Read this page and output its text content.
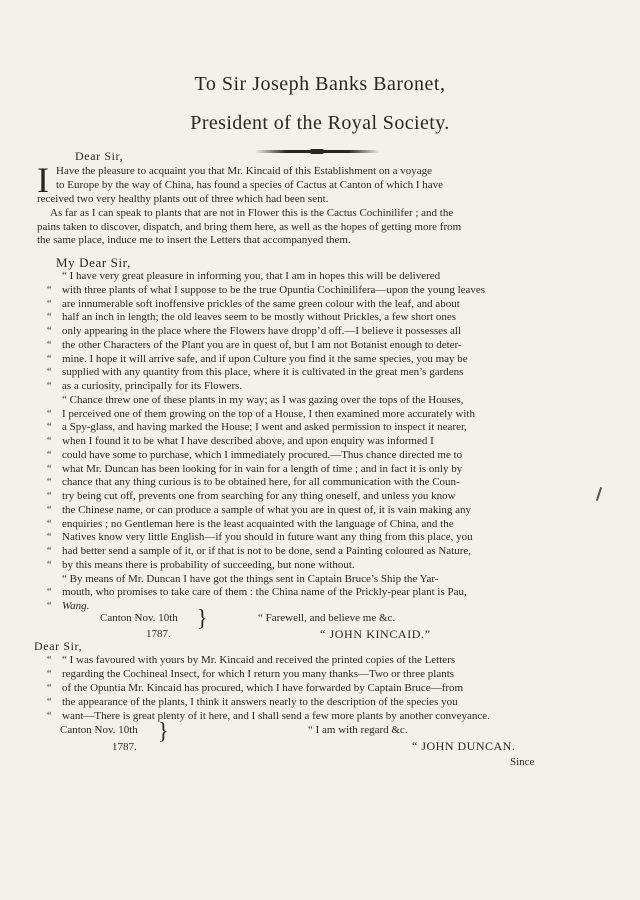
To Sir Joseph Banks Baronet,
President of the Royal Society.
Dear Sir,
I Have the pleasure to acquaint you that Mr. Kincaid of this Establishment on a voyage
to Europe by the way of China, has found a species of Cactus at Canton of which I have
received two very healthy plants out of three which had been sent.
As far as I can speak to plants that are not in Flower this is the Cactus Cochinilifer ; and the
pains taken to discover, dispatch, and bring them here, as well as the hopes of getting more from
the same place, induce me to insert the Letters that accompanyed them.
My Dear Sir,
“ I have very great pleasure in informing you, that I am in hopes this will be delivered
“ with three plants of what I suppose to be the true Opuntia Cochinilifera—upon the young leaves
“ are innumerable soft inoffensive prickles of the same green colour with the leaf, and about
“ half an inch in length; the old leaves seem to be mostly without Prickles, a few short ones
“ only appearing in the place where the Flowers have dropp’d off.—I believe it possesses all
“ the other Characters of the Plant you are in quest of, but I am not Botanist enough to deter-
“ mine. I hope it will arrive safe, and if upon Culture you find it the same species, you may be
“ supplied with any quantity from this place, where it is cultivated in the great men’s gardens
“ as a curiosity, principally for its Flowers.
“ Chance threw one of these plants in my way; as I was gazing over the tops of the Houses,
“ I perceived one of them growing on the top of a House, I then examined more accurately with
“ a Spy-glass, and having marked the House; I went and asked permission to inspect it nearer,
“ when I found it to be what I have described above, and upon enquiry was informed I
“ could have some to purchase, which I immediately procured.—Thus chance directed me to
“ what Mr. Duncan has been looking for in vain for a length of time ; and in fact it is only by
“ chance that any thing curious is to be obtained here, for all communication with the Coun-
“ try being cut off, prevents one from searching for any thing oneself, and unless you know
“ the Chinese name, or can produce a sample of what you are in quest of, it is vain making any
“ enquiries ; no Gentleman here is the least acquainted with the language of China, and the
“ Natives know very little English—if you should in future want any thing from this place, you
“ had better send a sample of it, or if that is not to be done, send a Painting coloured as Nature,
“ by this means there is probability of succeeding, but none without.
“ By means of Mr. Duncan I have got the things sent in Captain Bruce’s Ship the Yar-
“ mouth, who promises to take care of them : the China name of the Prickly-pear plant is Pau,
“ Wang.
Canton Nov. 10th
1787.
}	“ Farewell, and believe me &c.
“ JOHN KINCAID.”
Dear Sir,
“ “ I was favoured with yours by Mr. Kincaid and received the printed copies of the Letters
“ regarding the Cochineal Insect, for which I return you many thanks—Two or three plants
“ of the Opuntia Mr. Kincaid has procured, which I have forwarded by Captain Bruce—from
“ the appearance of the plants, I think it answers nearly to the description of the species you
“ want—There is great plenty of it here, and I shall send a few more plants by another conveyance.
Canton Nov. 10th
1787.
}	“ I am with regard &c.
“ JOHN DUNCAN.
Since
